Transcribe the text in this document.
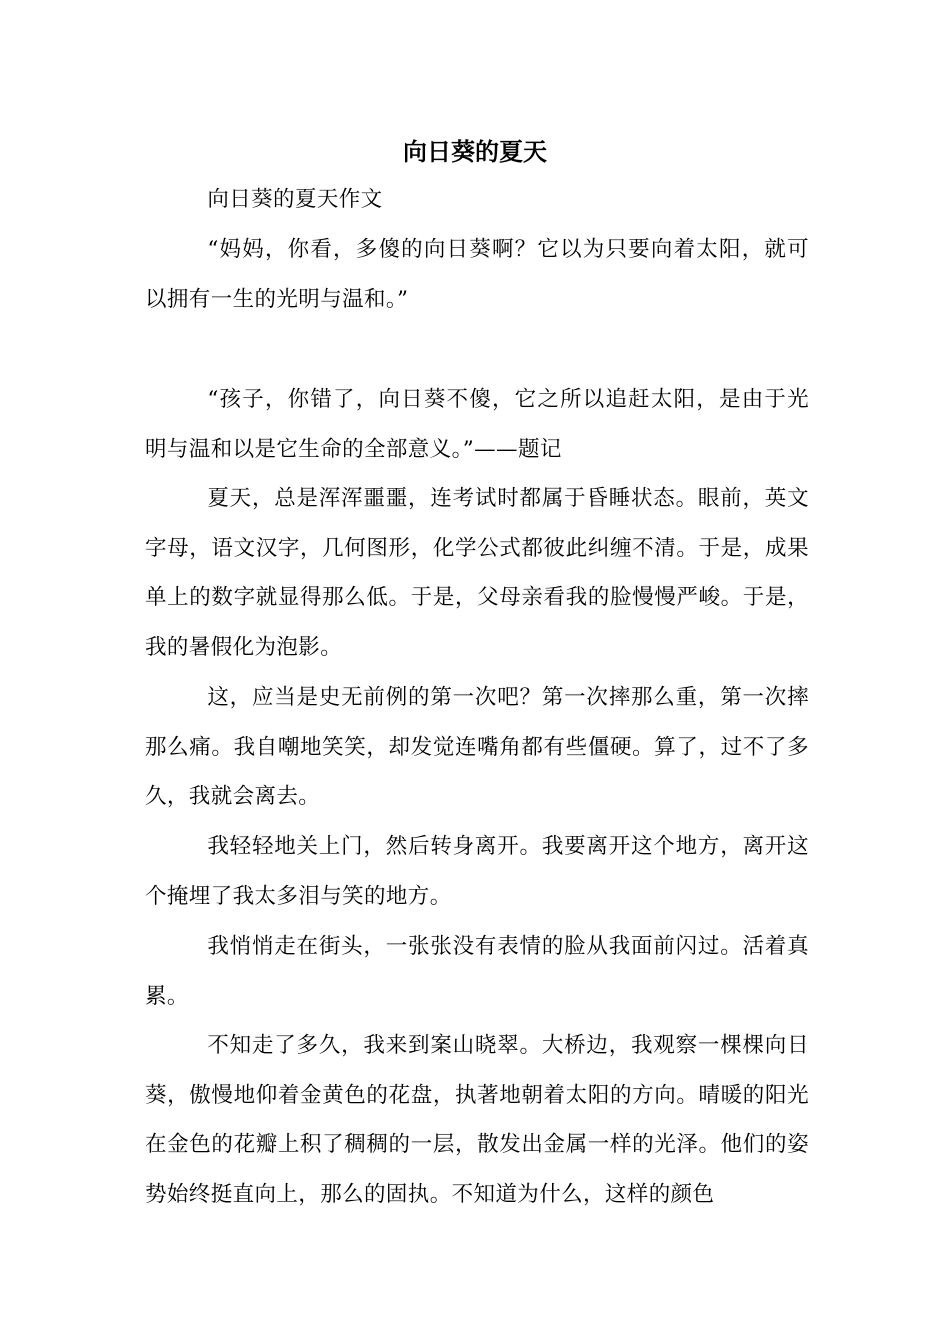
向日葵的夏天

向日葵的夏天作文

“妈妈，你看，多傻的向日葵啊？它以为只要向着太阳，就可以拥有一生的光明与温和。”

“孩子，你错了，向日葵不傻，它之所以追赶太阳，是由于光明与温和以是它生命的全部意义。”——题记

夏天，总是浑浑噩噩，连考试时都属于昏睡状态。眼前，英文字母，语文汉字，几何图形，化学公式都彼此纠缠不清。于是，成果单上的数字就显得那么低。于是，父母亲看我的脸慢慢严峻。于是，我的暑假化为泡影。

这，应当是史无前例的第一次吧？第一次摔那么重，第一次摔那么痛。我自嘲地笑笑，却发觉连嘴角都有些僵硬。算了，过不了多久，我就会离去。

我轻轻地关上门，然后转身离开。我要离开这个地方，离开这个掩埋了我太多泪与笑的地方。

我悄悄走在街头，一张张没有表情的脸从我面前闪过。活着真累。

不知走了多久，我来到案山晓翠。大桥边，我观察一棵棵向日葵，傲慢地仰着金黄色的花盘，执著地朝着太阳的方向。晴暖的阳光在金色的花瓣上积了稠稠的一层，散发出金属一样的光泽。他们的姿势始终挺直向上，那么的固执。不知道为什么，这样的颜色
